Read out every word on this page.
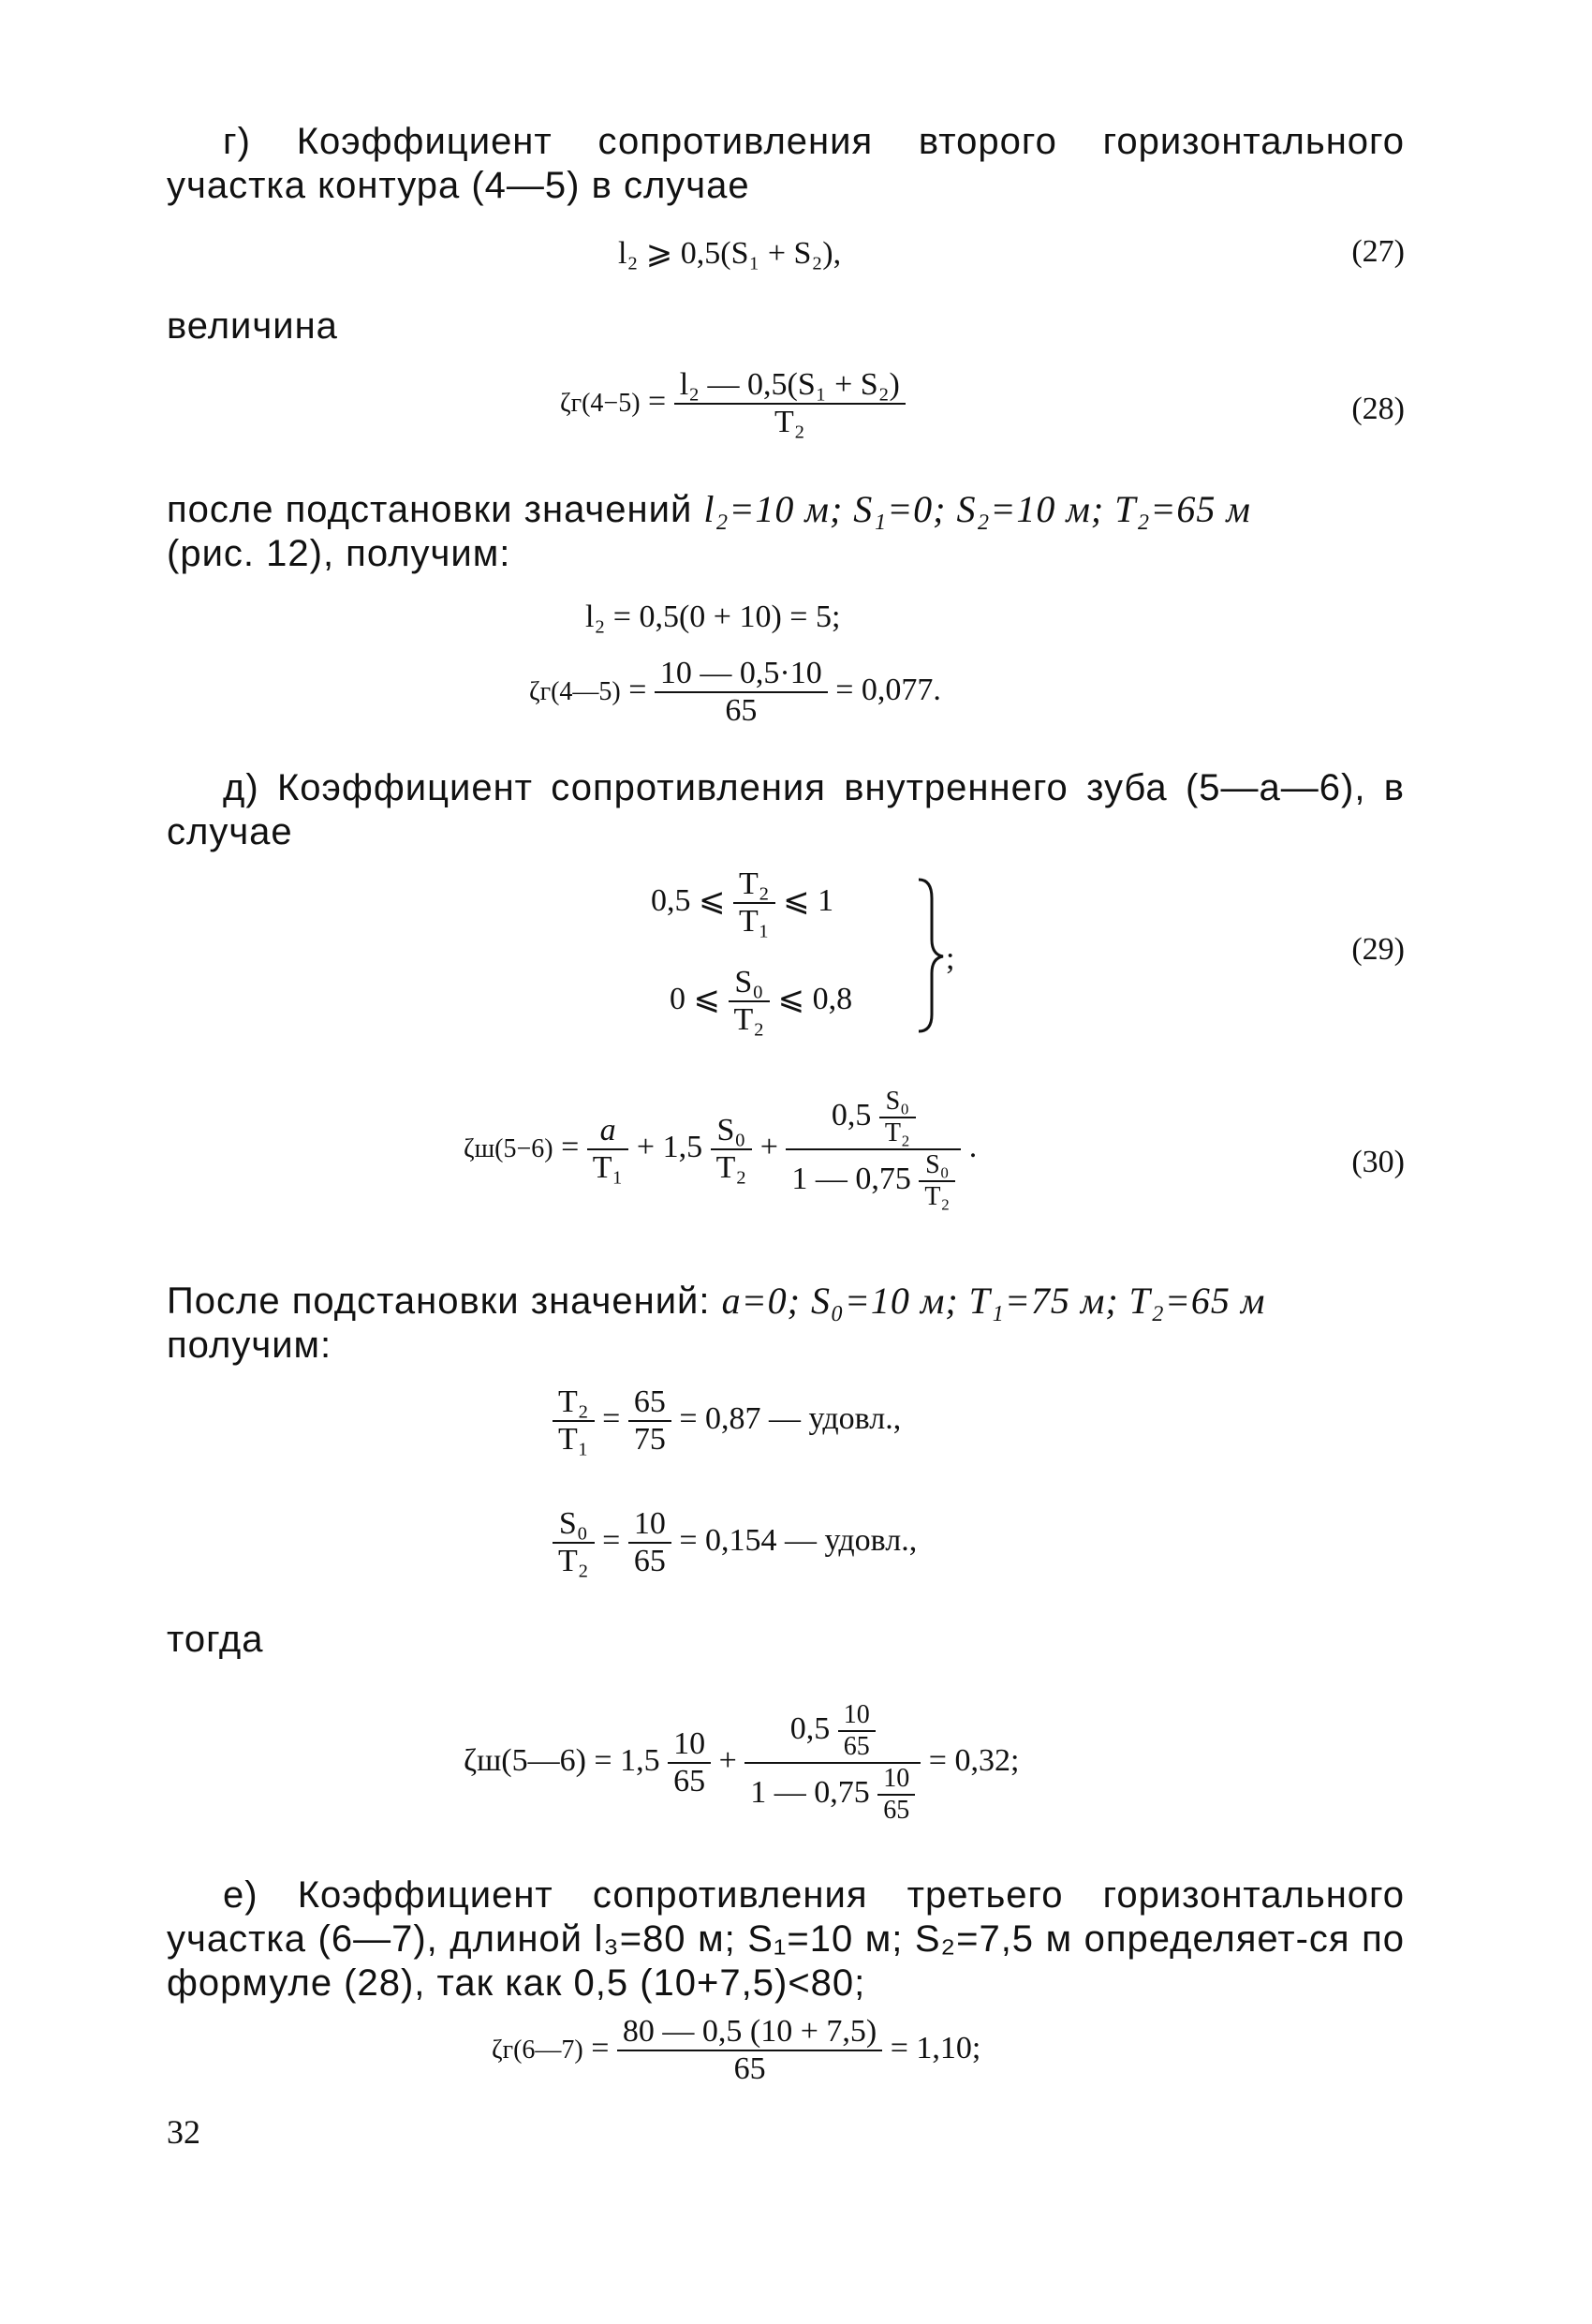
г) Коэффициент сопротивления второго горизонтального участка контура (4—5) в случае
l₂ ⩾ 0,5(S₁ + S₂),	(27)
величина
$\zeta г(4-5) = \frac{\text{l₂ — 0,5(S₁ + S₂)}}{\text{T₂}}$	(28)
после подстановки значений l₂=10 м; S₁=0; S₂=10 м; T₂=65 м
(рис. 12), получим:
l₂ = 0,5(0 + 10) = 5;
ζг(4—5) = $\frac{10 — 0,5\cdot 10}{65} = 0,077$.
д) Коэффициент сопротивления внутреннего зуба (5—а—6), в случае
0,5 ⩽ $\frac{\text{T₂}}{\text{T₁}}$ ⩽ 1
0 ⩽ $\frac{\text{S₀}}{\text{T₂}}$ ⩽ 0,8
;	(29)
$\zeta ш(5-6) = \frac{a}{\text{T₁}} + 1,5 \frac{\text{S₀}}{\text{T₂}} + \frac{0,5 \frac{\text{S₀}}{\text{T₂}}}{1 — 0,75 \frac{\text{S₀}}{\text{T₂}}}$ .	(30)
После подстановки значений: a=0; S₀=10 м; T₁=75 м; T₂=65 м
получим:
$\frac{\text{T₂}}{\text{T₁}} = \frac{65}{75} = 0,87$ — удовл.,
$\frac{\text{S₀}}{\text{T₂}} = \frac{10}{65} = 0,154$ — удовл.,
тогда
ζш(5—6) = $1,5 \frac{10}{65} + \frac{0,5 \frac{10}{65}}{1 — 0,75 \frac{10}{65}} = 0,32$;
е) Коэффициент сопротивления третьего горизонтального участка (6—7), длиной l₃=80 м; S₁=10 м; S₂=7,5 м определяет-ся по формуле (28), так как 0,5 (10+7,5)<80;
ζг(6—7) = $\frac{80 — 0,5 (10 + 7,5)}{65} = 1,10$;
32
